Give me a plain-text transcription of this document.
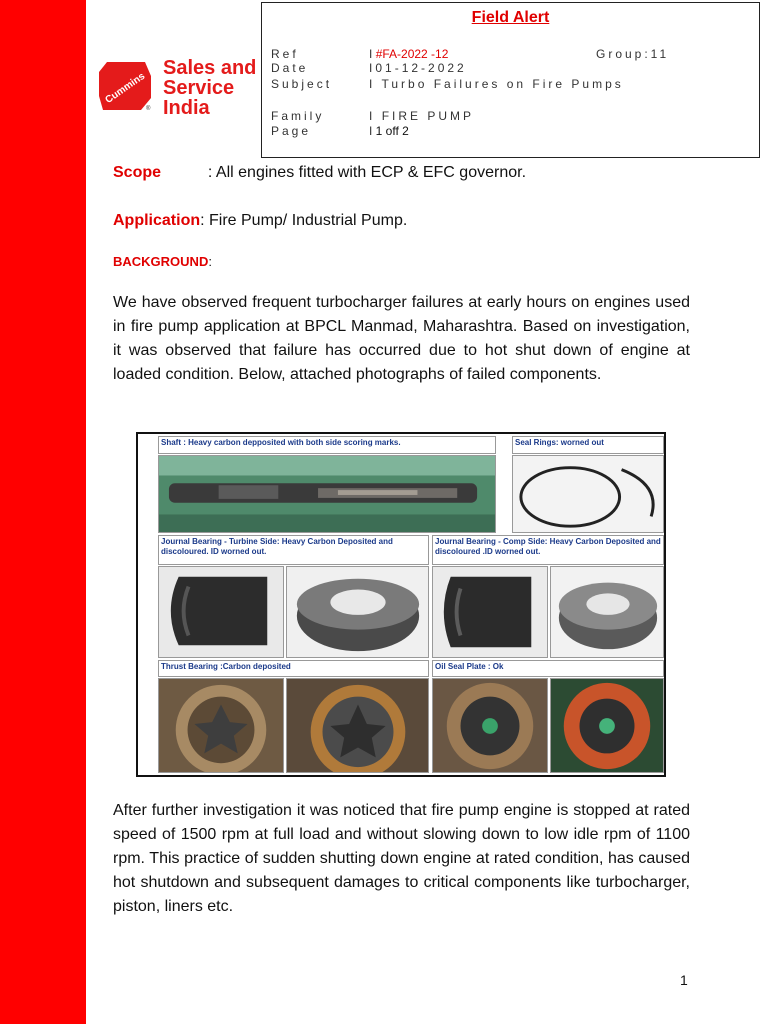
Cummins
®
Sales and
Service
India
Field Alert
Ref	I #FA-2022 -12	Group:11
Date	I01-12-2022
Subject	I Turbo Failures on Fire Pumps
Family	I FIRE PUMP
Page	I 1 off 2
Scope	: All engines fitted with ECP & EFC governor.
Application: Fire Pump/ Industrial Pump.
BACKGROUND:
We have observed frequent turbocharger failures at early hours on engines used in fire pump application at BPCL Manmad, Maharashtra. Based on investigation, it was observed that failure has occurred due to hot shut down of engine at loaded condition. Below, attached photographs of failed components.
Shaft : Heavy carbon depposited with both side scoring marks.	Seal Rings: worned out
Journal Bearing - Turbine Side: Heavy Carbon Deposited and discoloured. ID worned out.
Journal Bearing - Comp Side: Heavy Carbon Deposited and discoloured .ID worned out.
Thrust Bearing :Carbon deposited	Oil Seal Plate : Ok
After further investigation it was noticed that fire pump engine is stopped at rated speed of 1500 rpm at full load and without slowing down to low idle rpm of 1100 rpm. This practice of sudden shutting down engine at rated condition, has caused hot shutdown and subsequent damages to critical components like turbocharger, piston, liners etc.
1
